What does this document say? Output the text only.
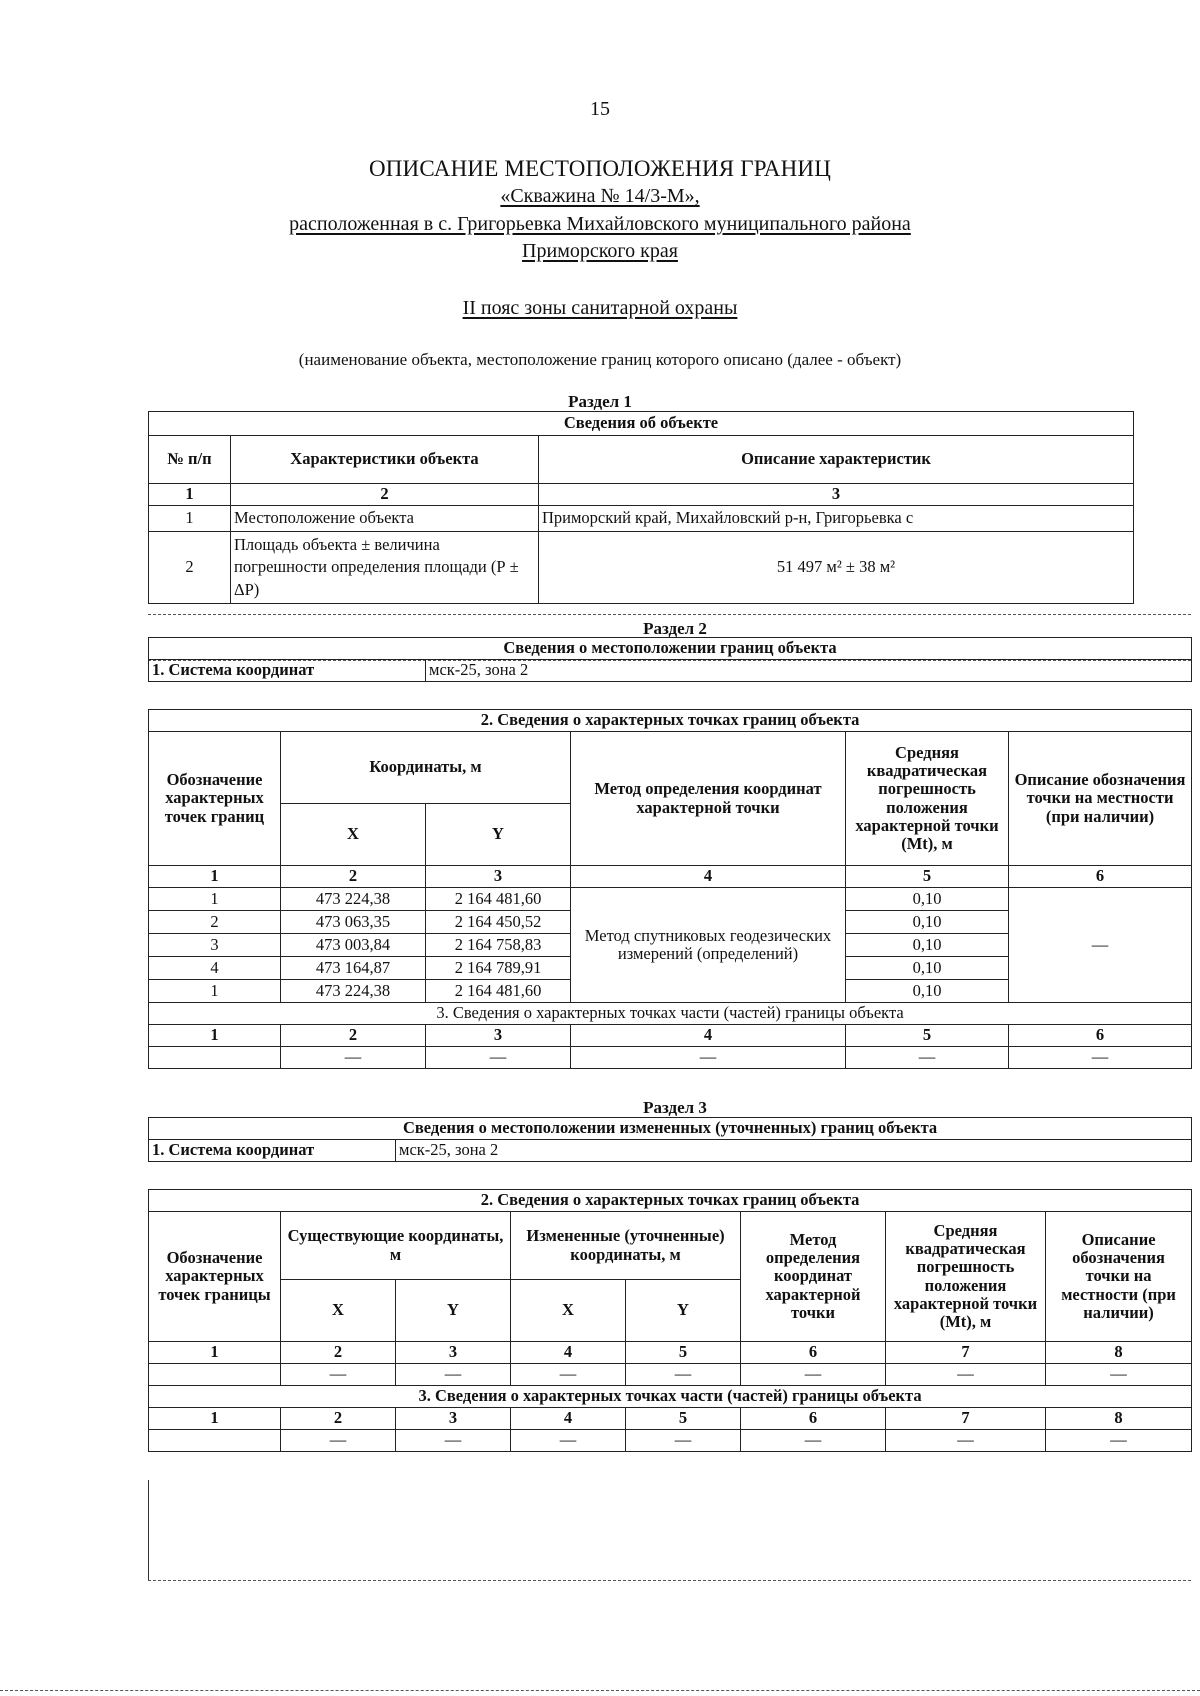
15
ОПИСАНИЕ МЕСТОПОЛОЖЕНИЯ ГРАНИЦ
«Скважина № 14/3-М»,
расположенная в с. Григорьевка Михайловского муниципального района
Приморского края
II пояс зоны санитарной охраны
(наименование объекта, местоположение границ которого описано (далее - объект)
Раздел 1
Сведения об объекте		
№ п/п	Характеристики объекта	Описание характеристик
1	2	3
1	Местоположение объекта	Приморский край, Михайловский р-н, Григорьевка с
2	Площадь объекта ± величина погрешности определения площади (Р ± ΔР)	51 497 м² ± 38 м²
Раздел 2
Сведения о местоположении границ объекта					
1. Система координат		мск-25, зона 2			

2. Сведения о характерных точках границ объекта					
Обозначение характерных точек границ	Координаты, м		Метод определения координат характерной точки	Средняя квадратическая погрешность положения характерной точки (Mt), м	Описание обозначения точки на местности (при наличии)
	X	Y			
1	2	3	4	5	6
1	473 224,38	2 164 481,60	Метод спутниковых геодезических измерений (определений)	0,10	—
2	473 063,35	2 164 450,52		0,10	
3	473 003,84	2 164 758,83		0,10	
4	473 164,87	2 164 789,91		0,10	
1	473 224,38	2 164 481,60		0,10	
3. Сведения о характерных точках части (частей) границы объекта					
1	2	3	4	5	6
	—	—	—	—	—
Раздел 3
Сведения о местоположении измененных (уточненных) границ объекта							
1. Система координат		мск-25, зона 2					

2. Сведения о характерных точках границ объекта							
Обозначение характерных точек границы	Существующие координаты, м		Измененные (уточненные) координаты, м		Метод определения координат характерной точки	Средняя квадратическая погрешность положения характерной точки (Mt), м	Описание обозначения точки на местности (при наличии)
	X	Y	X	Y			
1	2	3	4	5	6	7	8
	—	—	—	—	—	—	—
3. Сведения о характерных точках части (частей) границы объекта							
1	2	3	4	5	6	7	8
	—	—	—	—	—	—	—
